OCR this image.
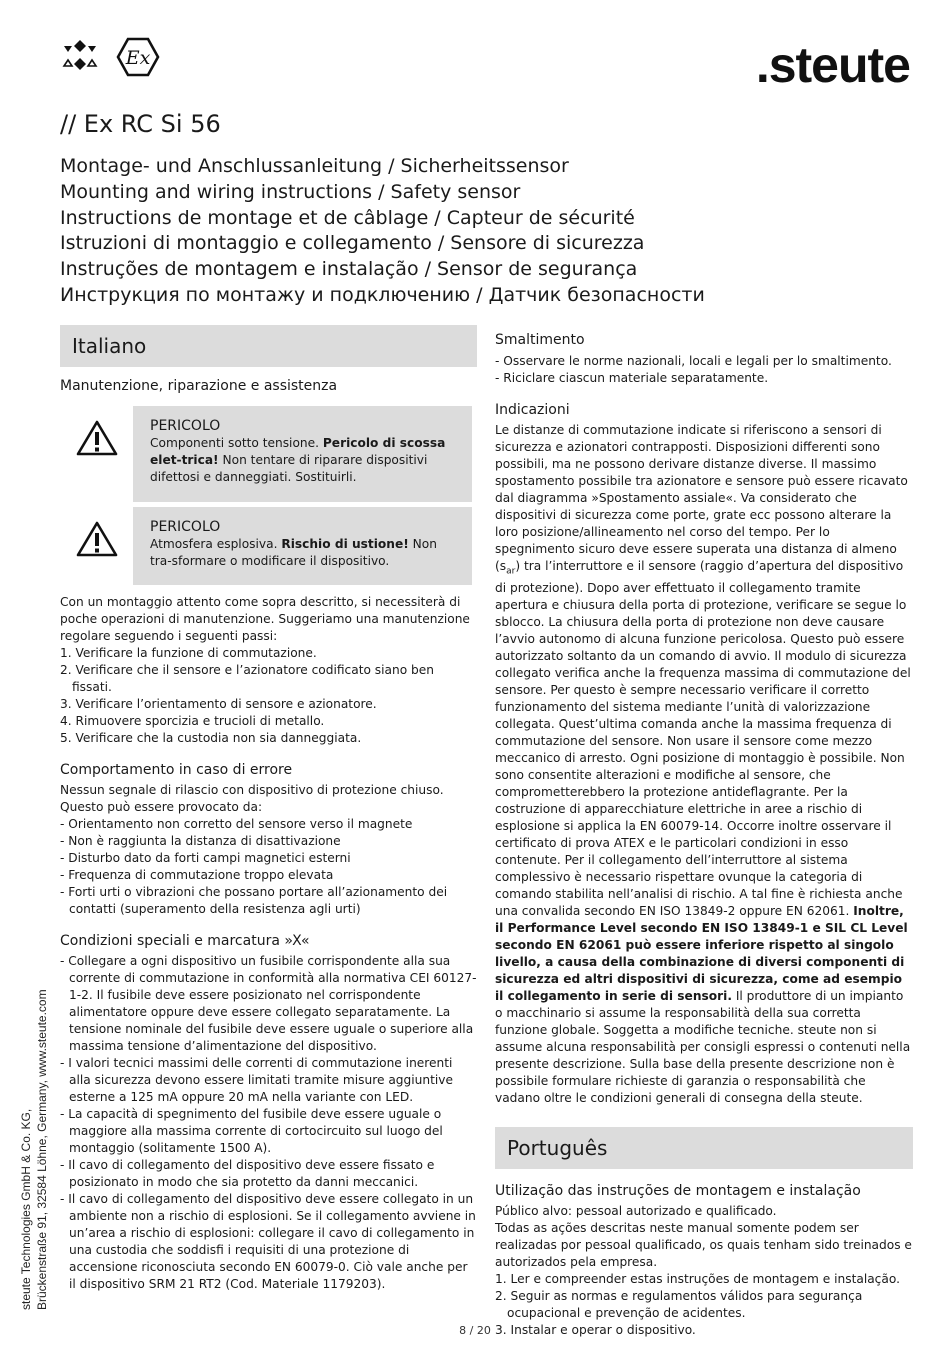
Ex	.steute
// Ex RC Si 56
Montage- und Anschlussanleitung / Sicherheitssensor
Mounting and wiring instructions / Safety sensor
Instructions de montage et de câblage / Capteur de sécurité
Istruzioni di montaggio e collegamento / Sensore di sicurezza
Instruções de montagem e instalação / Sensor de segurança
Инструкция по монтажу и подключению / Датчик безопасности
Italiano
Manutenzione, riparazione e assistenza
PERICOLO
Componenti sotto tensione. Pericolo di scossa elet-trica! Non tentare di riparare dispositivi difettosi e danneggiati. Sostituirli.
PERICOLO
Atmosfera esplosiva. Rischio di ustione! Non tra-sformare o modificare il dispositivo.

Con un montaggio attento come sopra descritto, si necessiterà di poche operazioni di manutenzione. Suggeriamo una manutenzione regolare seguendo i seguenti passi:

1. Verificare la funzione di commutazione.
2. Verificare che il sensore e l’azionatore codificato siano ben fissati.
3. Verificare l’orientamento di sensore e azionatore.
4. Rimuovere sporcizia e trucioli di metallo.
5. Verificare che la custodia non sia danneggiata.
Comportamento in caso di errore

Nessun segnale di rilascio con dispositivo di protezione chiuso. Questo può essere provocato da:

- Orientamento non corretto del sensore verso il magnete
- Non è raggiunta la distanza di disattivazione
- Disturbo dato da forti campi magnetici esterni
- Frequenza di commutazione troppo elevata
- Forti urti o vibrazioni che possano portare all’azionamento dei contatti (superamento della resistenza agli urti)
Condizioni speciali e marcatura »X«
- Collegare a ogni dispositivo un fusibile corrispondente alla sua corrente di commutazione in conformità alla normativa CEI 60127-1-2. Il fusibile deve essere posizionato nel corrispondente alimentatore oppure deve essere collegato separatamente. La tensione nominale del fusibile deve essere uguale o superiore alla massima tensione d’alimentazione del dispositivo.
- I valori tecnici massimi delle correnti di commutazione inerenti alla sicurezza devono essere limitati tramite misure aggiuntive esterne a 125 mA oppure 20 mA nella variante con LED.
- La capacità di spegnimento del fusibile deve essere uguale o maggiore alla massima corrente di cortocircuito sul luogo del montaggio (solitamente 1500 A).
- Il cavo di collegamento del dispositivo deve essere fissato e posizionato in modo che sia protetto da danni meccanici.
- Il cavo di collegamento del dispositivo deve essere collegato in un ambiente non a rischio di esplosioni. Se il collegamento avviene in un’area a rischio di esplosioni: collegare il cavo di collegamento in una custodia che soddisfi i requisiti di una protezione di accensione riconosciuta secondo EN 60079-0. Ciò vale anche per il dispositivo SRM 21 RT2 (Cod. Materiale 1179203).
Smaltimento
- Osservare le norme nazionali, locali e legali per lo smaltimento.
- Riciclare ciascun materiale separatamente.
Indicazioni

Le distanze di commutazione indicate si riferiscono a sensori di sicurezza e azionatori contrapposti. Disposizioni differenti sono possibili, ma ne possono derivare distanze diverse. Il massimo spostamento possibile tra azionatore e sensore può essere ricavato dal diagramma »Spostamento assiale«. Va considerato che dispositivi di sicurezza come porte, grate ecc possono alterare la loro posizione/allineamento nel corso del tempo. Per lo spegnimento sicuro deve essere superata una distanza di almeno $(s_{ar})$ tra l’interruttore e il sensore (raggio d’apertura del dispositivo di protezione). Dopo aver effettuato il collegamento tramite apertura e chiusura della porta di protezione, verificare se segue lo sblocco. La chiusura della porta di protezione non deve causare l’avvio autonomo di alcuna funzione pericolosa. Questo può essere autorizzato soltanto da un comando di avvio. Il modulo di sicurezza collegato verifica anche la frequenza massima di commutazione del sensore. Per questo è sempre necessario verificare il corretto funzionamento del sistema mediante l’unità di valorizzazione collegata. Quest’ultima comanda anche la massima frequenza di commutazione del sensore. Non usare il sensore come mezzo meccanico di arresto. Ogni posizione di montaggio è possibile. Non sono consentite alterazioni e modifiche al sensore, che comprometterebbero la protezione antideflagrante. Per la costruzione di apparecchiature elettriche in aree a rischio di esplosione si applica la EN 60079-14. Occorre inoltre osservare il certificato di prova ATEX e le particolari condizioni in esso contenute. Per il collegamento dell’interruttore al sistema complessivo è necessario rispettare ovunque la categoria di comando stabilita nell’analisi di rischio. A tal fine è richiesta anche una convalida secondo EN ISO 13849-2 oppure EN 62061. Inoltre, il Performance Level secondo EN ISO 13849-1 e SIL CL Level secondo EN 62061 può essere inferiore rispetto al singolo livello, a causa della combinazione di diversi componenti di sicurezza ed altri dispositivi di sicurezza, come ad esempio il collegamento in serie di sensori. Il produttore di un impianto o macchinario si assume la responsabilità della sua corretta funzione globale. Soggetta a modifiche tecniche. steute non si assume alcuna responsabilità per consigli espressi o contenuti nella presente descrizione. Sulla base della presente descrizione non è possibile formulare richieste di garanzia o responsabilità che vadano oltre le condizioni generali di consegna della steute.

Português
Utilização das instruções de montagem e instalação

Público alvo: pessoal autorizado e qualificado.

Todas as ações descritas neste manual somente podem ser realizadas por pessoal qualificado, os quais tenham sido treinados e autorizados pela empresa.

1. Ler e compreender estas instruções de montagem e instalação.
2. Seguir as normas e regulamentos válidos para segurança ocupacional e prevenção de acidentes.
3. Instalar e operar o dispositivo.
steute Technologies GmbH & Co. KG, Brückenstraße 91, 32584 Löhne, Germany, www.steute.com
8 / 20
